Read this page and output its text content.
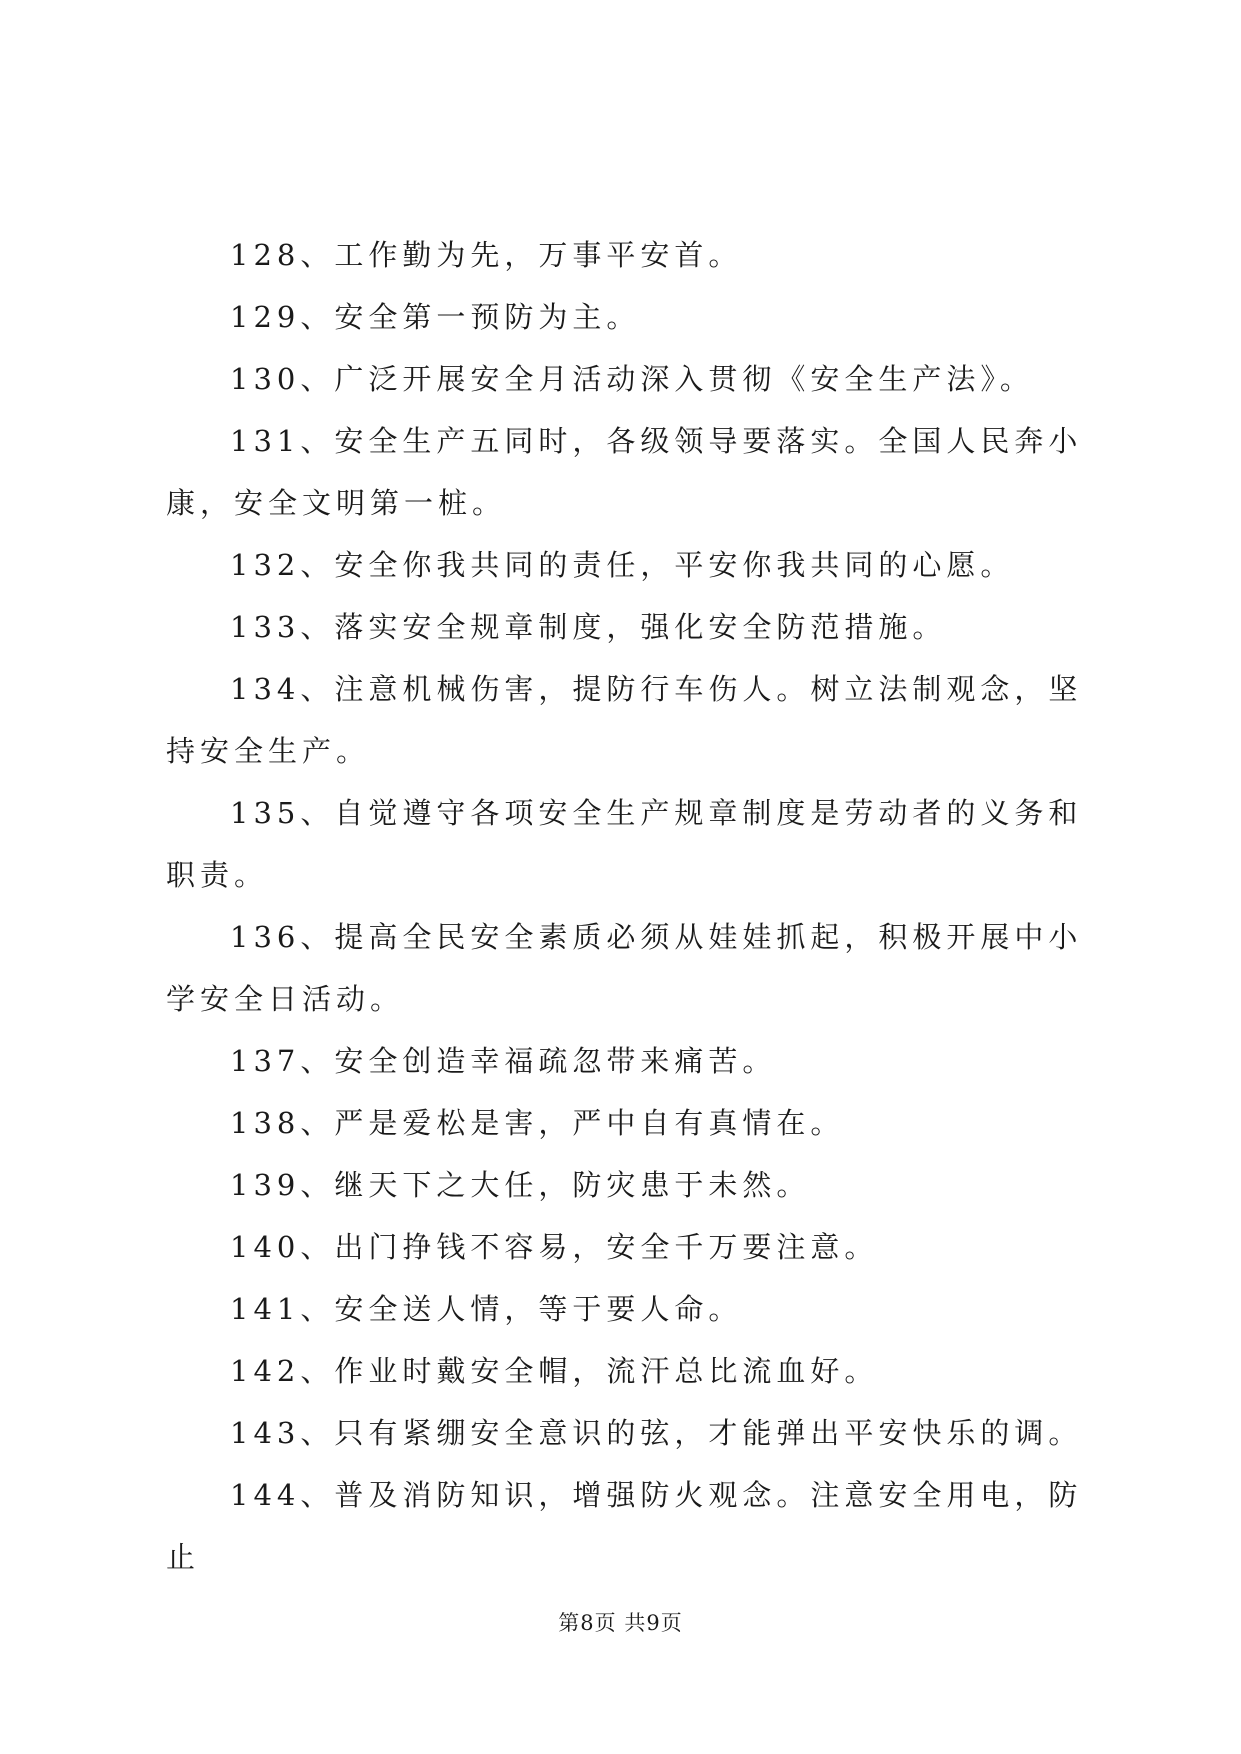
128、工作勤为先，万事平安首。

129、安全第一预防为主。

130、广泛开展安全月活动深入贯彻《安全生产法》。

131、安全生产五同时，各级领导要落实。全国人民奔小康，安全文明第一桩。

132、安全你我共同的责任，平安你我共同的心愿。

133、落实安全规章制度，强化安全防范措施。

134、注意机械伤害，提防行车伤人。树立法制观念，坚持安全生产。

135、自觉遵守各项安全生产规章制度是劳动者的义务和职责。

136、提高全民安全素质必须从娃娃抓起，积极开展中小学安全日活动。

137、安全创造幸福疏忽带来痛苦。

138、严是爱松是害，严中自有真情在。

139、继天下之大任，防灾患于未然。

140、出门挣钱不容易，安全千万要注意。

141、安全送人情，等于要人命。

142、作业时戴安全帽，流汗总比流血好。

143、只有紧绷安全意识的弦，才能弹出平安快乐的调。

144、普及消防知识，增强防火观念。注意安全用电，防止

第8页 共9页
